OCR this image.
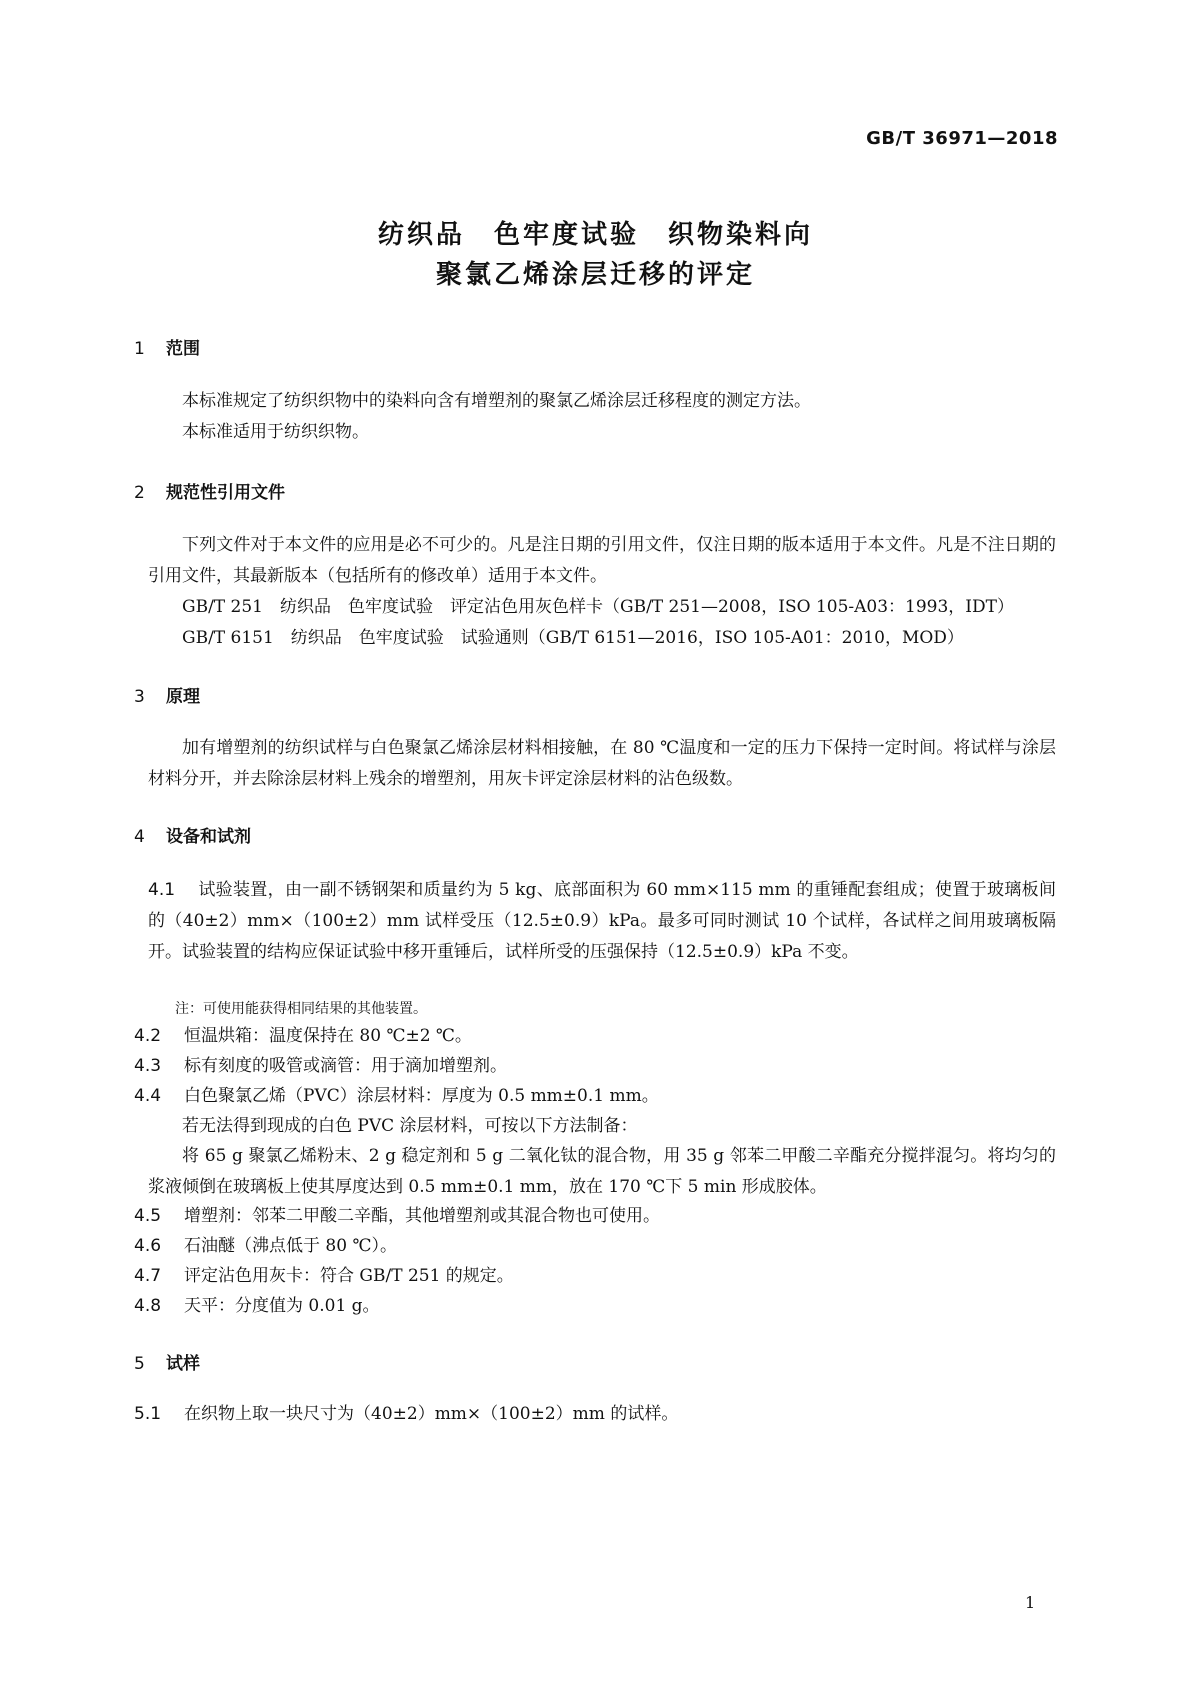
GB/T 36971—2018
纺织品　色牢度试验　织物染料向
聚氯乙烯涂层迁移的评定
1 范围
本标准规定了纺织织物中的染料向含有增塑剂的聚氯乙烯涂层迁移程度的测定方法。
本标准适用于纺织织物。
2 规范性引用文件
下列文件对于本文件的应用是必不可少的。凡是注日期的引用文件，仅注日期的版本适用于本文件。凡是不注日期的引用文件，其最新版本（包括所有的修改单）适用于本文件。
GB/T 251　纺织品　色牢度试验　评定沾色用灰色样卡（GB/T 251—2008，ISO 105-A03：1993，IDT）
GB/T 6151　纺织品　色牢度试验　试验通则（GB/T 6151—2016，ISO 105-A01：2010，MOD）
3 原理
加有增塑剂的纺织试样与白色聚氯乙烯涂层材料相接触，在 80 ℃温度和一定的压力下保持一定时间。将试样与涂层材料分开，并去除涂层材料上残余的增塑剂，用灰卡评定涂层材料的沾色级数。
4 设备和试剂
4.1 试验装置，由一副不锈钢架和质量约为 5 kg、底部面积为 60 mm×115 mm 的重锤配套组成；使置于玻璃板间的（40±2）mm×（100±2）mm 试样受压（12.5±0.9）kPa。最多可同时测试 10 个试样，各试样之间用玻璃板隔开。试验装置的结构应保证试验中移开重锤后，试样所受的压强保持（12.5±0.9）kPa 不变。
注：可使用能获得相同结果的其他装置。
4.2 恒温烘箱：温度保持在 80 ℃±2 ℃。
4.3 标有刻度的吸管或滴管：用于滴加增塑剂。
4.4 白色聚氯乙烯（PVC）涂层材料：厚度为 0.5 mm±0.1 mm。
若无法得到现成的白色 PVC 涂层材料，可按以下方法制备：
将 65 g 聚氯乙烯粉末、2 g 稳定剂和 5 g 二氧化钛的混合物，用 35 g 邻苯二甲酸二辛酯充分搅拌混匀。将均匀的浆液倾倒在玻璃板上使其厚度达到 0.5 mm±0.1 mm，放在 170 ℃下 5 min 形成胶体。
4.5 增塑剂：邻苯二甲酸二辛酯，其他增塑剂或其混合物也可使用。
4.6 石油醚（沸点低于 80 ℃）。
4.7 评定沾色用灰卡：符合 GB/T 251 的规定。
4.8 天平：分度值为 0.01 g。
5 试样
5.1 在织物上取一块尺寸为（40±2）mm×（100±2）mm 的试样。
1
